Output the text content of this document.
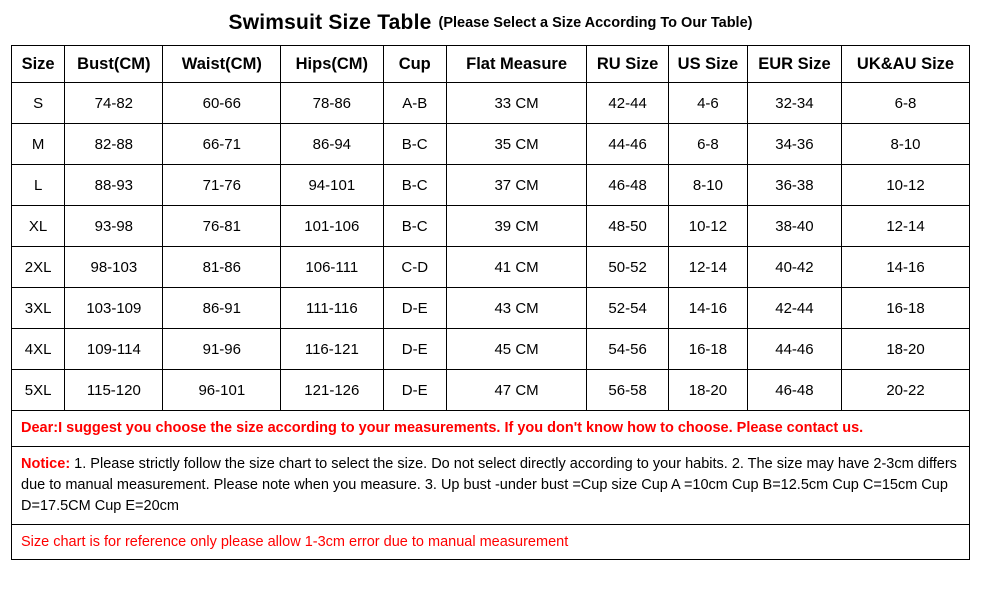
Swimsuit Size Table (Please Select a Size According To Our Table)
Size	Bust(CM)	Waist(CM)	Hips(CM)	Cup	Flat Measure	RU Size	US Size	EUR Size	UK&AU Size
S	74-82	60-66	78-86	A-B	33 CM	42-44	4-6	32-34	6-8
M	82-88	66-71	86-94	B-C	35 CM	44-46	6-8	34-36	8-10
L	88-93	71-76	94-101	B-C	37 CM	46-48	8-10	36-38	10-12
XL	93-98	76-81	101-106	B-C	39 CM	48-50	10-12	38-40	12-14
2XL	98-103	81-86	106-111	C-D	41 CM	50-52	12-14	40-42	14-16
3XL	103-109	86-91	111-116	D-E	43 CM	52-54	14-16	42-44	16-18
4XL	109-114	91-96	116-121	D-E	45 CM	54-56	16-18	44-46	18-20
5XL	115-120	96-101	121-126	D-E	47 CM	56-58	18-20	46-48	20-22
Dear:I suggest you choose the size according to your measurements. If you don't know how to choose. Please contact us.
Notice: 1. Please strictly follow the size chart to select the size. Do not select directly according to your habits. 2. The size may have 2-3cm differs due to manual measurement. Please note when you measure. 3. Up bust -under bust =Cup size Cup A =10cm Cup B=12.5cm Cup C=15cm Cup D=17.5CM Cup E=20cm
Size chart is for reference only please allow 1-3cm error due to manual measurement
